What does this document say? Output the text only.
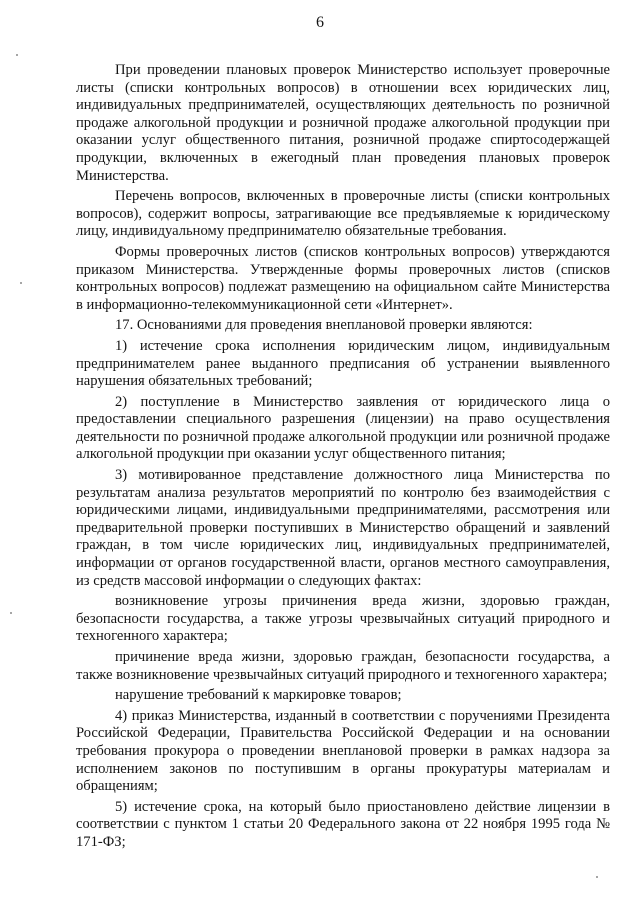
6

При проведении плановых проверок Министерство использует проверочные листы (списки контрольных вопросов) в отношении всех юридических лиц, индивидуальных предпринимателей, осуществляющих деятельность по розничной продаже алкогольной продукции и розничной продаже алкогольной продукции при оказании услуг общественного питания, розничной продаже спиртосодержащей продукции, включенных в ежегодный план проведения плановых проверок Министерства.

Перечень вопросов, включенных в проверочные листы (списки контрольных вопросов), содержит вопросы, затрагивающие все предъявляемые к юридическому лицу, индивидуальному предпринимателю обязательные требования.

Формы проверочных листов (списков контрольных вопросов) утверждаются приказом Министерства. Утвержденные формы проверочных листов (списков контрольных вопросов) подлежат размещению на официальном сайте Министерства в информационно-телекоммуникационной сети «Интернет».

17. Основаниями для проведения внеплановой проверки являются:

1) истечение срока исполнения юридическим лицом, индивидуальным предпринимателем ранее выданного предписания об устранении выявленного нарушения обязательных требований;

2) поступление в Министерство заявления от юридического лица о предоставлении специального разрешения (лицензии) на право осуществления деятельности по розничной продаже алкогольной продукции или розничной продаже алкогольной продукции при оказании услуг общественного питания;

3) мотивированное представление должностного лица Министерства по результатам анализа результатов мероприятий по контролю без взаимодействия с юридическими лицами, индивидуальными предпринимателями, рассмотрения или предварительной проверки поступивших в Министерство обращений и заявлений граждан, в том числе юридических лиц, индивидуальных предпринимателей, информации от органов государственной власти, органов местного самоуправления, из средств массовой информации о следующих фактах:

возникновение угрозы причинения вреда жизни, здоровью граждан, безопасности государства, а также угрозы чрезвычайных ситуаций природного и техногенного характера;

причинение вреда жизни, здоровью граждан, безопасности государства, а также возникновение чрезвычайных ситуаций природного и техногенного характера;

нарушение требований к маркировке товаров;

4) приказ Министерства, изданный в соответствии с поручениями Президента Российской Федерации, Правительства Российской Федерации и на основании требования прокурора о проведении внеплановой проверки в рамках надзора за исполнением законов по поступившим в органы прокуратуры материалам и обращениям;

5) истечение срока, на который было приостановлено действие лицензии в соответствии с пунктом 1 статьи 20 Федерального закона от 22 ноября 1995 года № 171-ФЗ;
